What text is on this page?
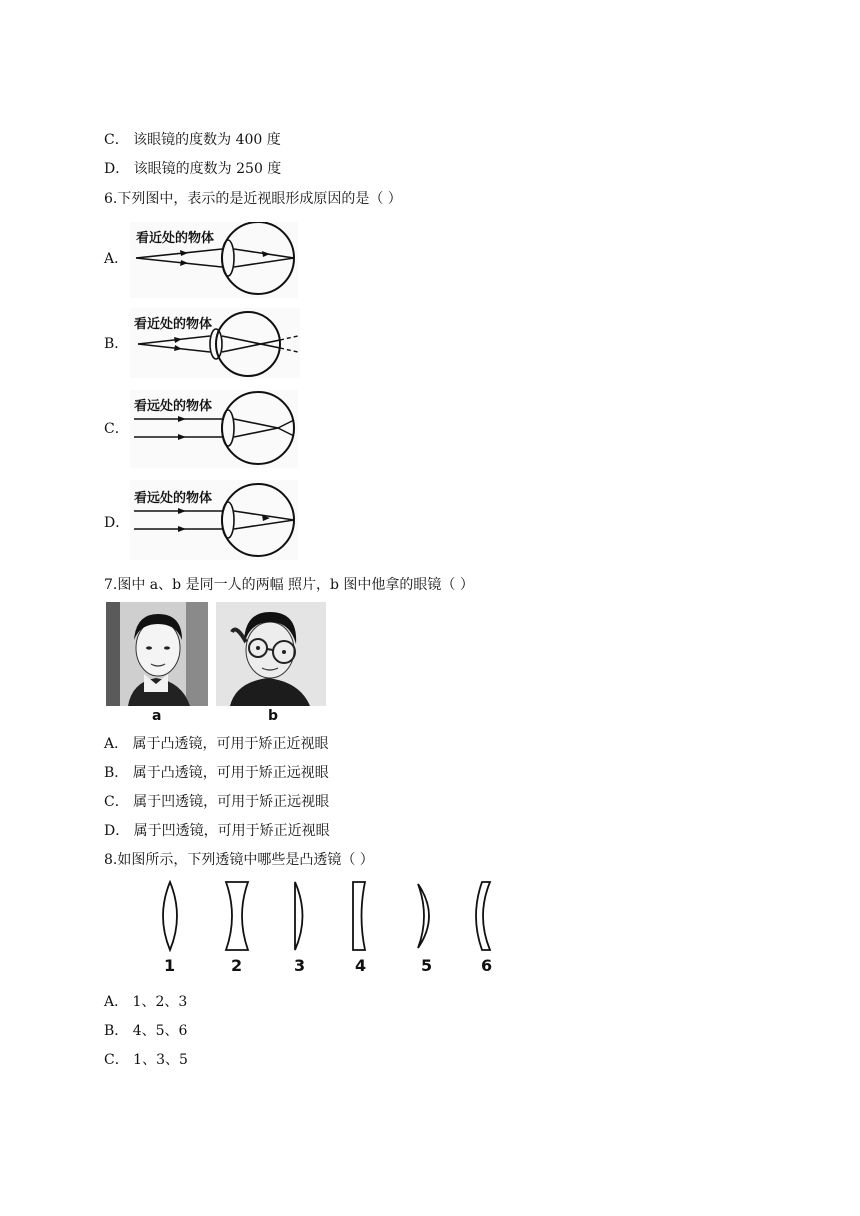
C． 该眼镜的度数为 400 度
D． 该眼镜的度数为 250 度
6.下列图中，表示的是近视眼形成原因的是（ ）
A．
看近处的物体
B．
看近处的物体
C．
看远处的物体
D．
看远处的物体
7.图中 a、b 是同一人的两幅 照片，b 图中他拿的眼镜（ ）
a	b
A． 属于凸透镜，可用于矫正近视眼
B． 属于凸透镜，可用于矫正远视眼
C． 属于凹透镜，可用于矫正远视眼
D． 属于凹透镜，可用于矫正近视眼
8.如图所示，下列透镜中哪些是凸透镜（ ）
1	2	3	4	5	6
A． 1、2、3
B． 4、5、6
C． 1、3、5
